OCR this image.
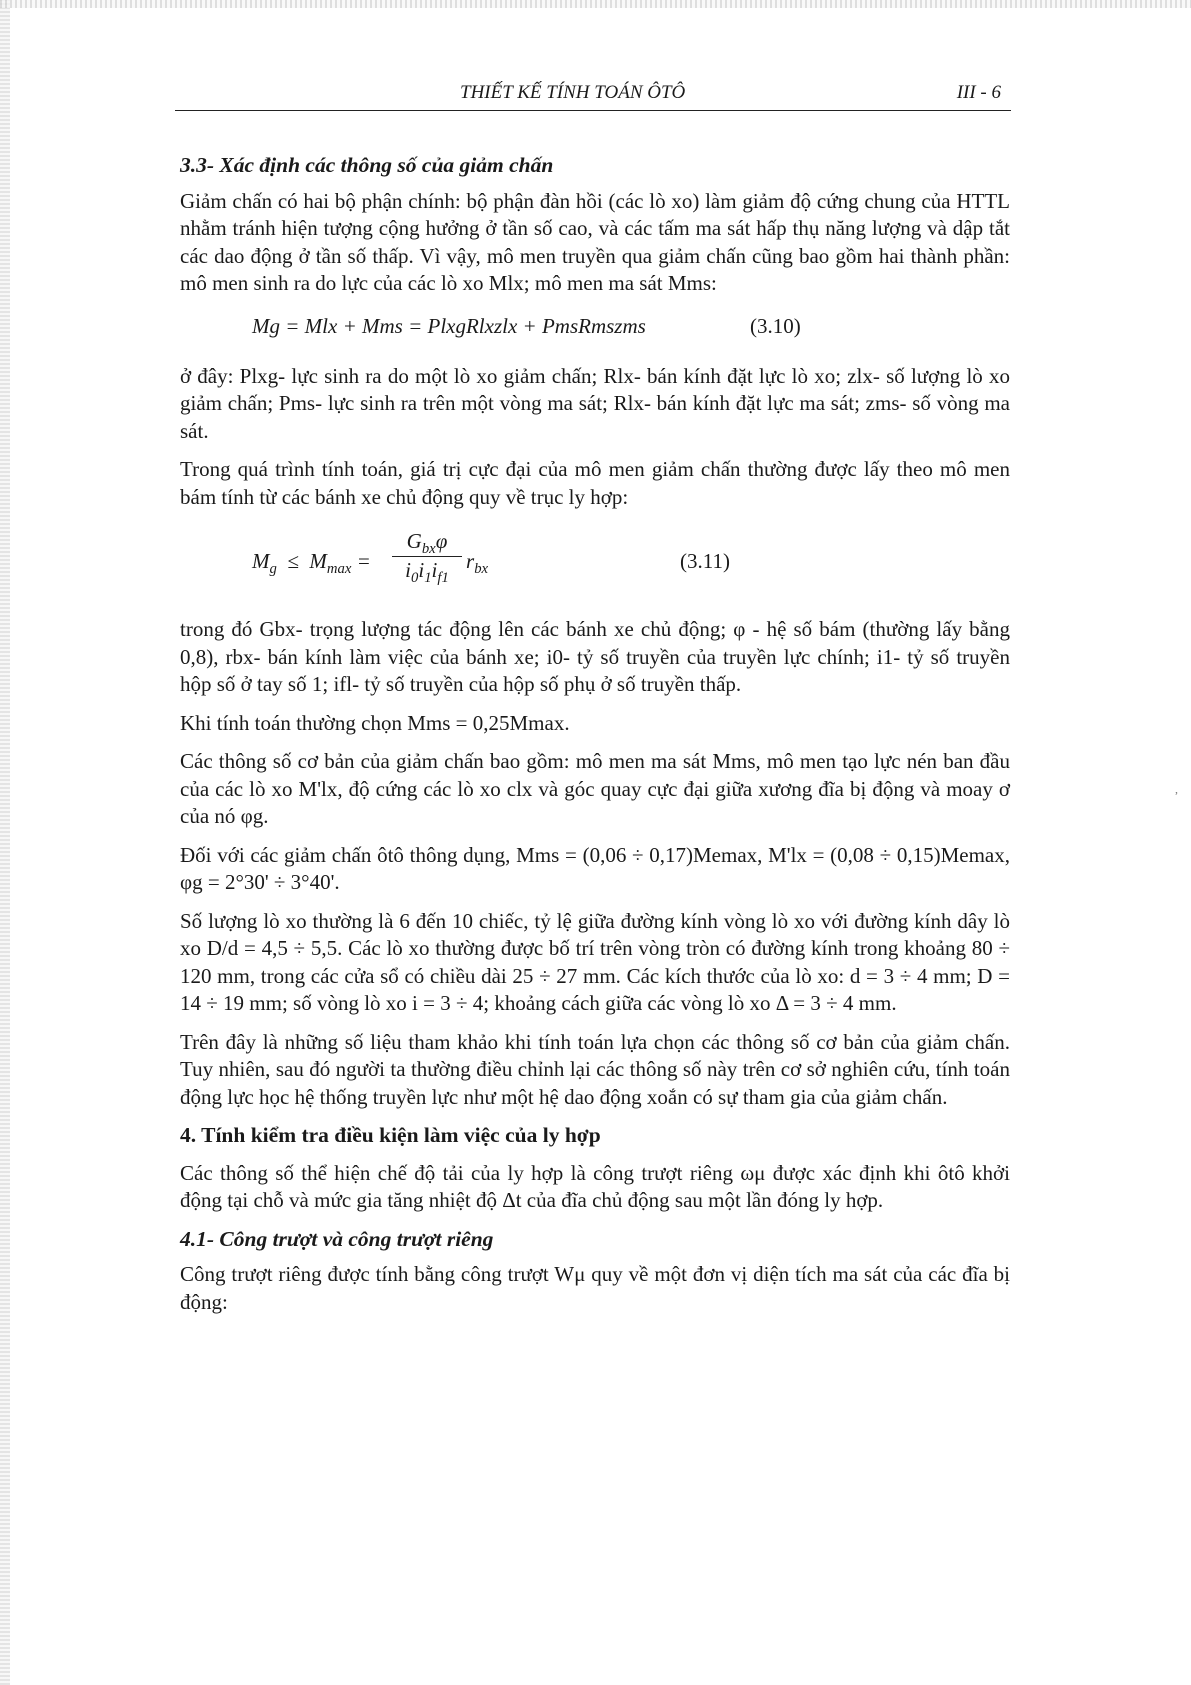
THIẾT KẾ TÍNH TOÁN ÔTÔ	III - 6
3.3- Xác định các thông số của giảm chấn

Giảm chấn có hai bộ phận chính: bộ phận đàn hồi (các lò xo) làm giảm độ cứng chung của HTTL nhằm tránh hiện tượng cộng hưởng ở tần số cao, và các tấm ma sát hấp thụ năng lượng và dập tắt các dao động ở tần số thấp. Vì vậy, mô men truyền qua giảm chấn cũng bao gồm hai thành phần: mô men sinh ra do lực của các lò xo Mlx; mô men ma sát Mms:

Mg = Mlx + Mms = PlxgRlxzlx + PmsRmszms	(3.10)

ở đây: Plxg- lực sinh ra do một lò xo giảm chấn; Rlx- bán kính đặt lực lò xo; zlx- số lượng lò xo giảm chấn; Pms- lực sinh ra trên một vòng ma sát; Rlx- bán kính đặt lực ma sát; zms- số vòng ma sát.

Trong quá trình tính toán, giá trị cực đại của mô men giảm chấn thường được lấy theo mô men bám tính từ các bánh xe chủ động quy về trục ly hợp:

$M_g \le M_{max}$ =
$G_{bx}\varphi$
$i_0i_1i_{f1}$
$r_{bx}$	(3.11)

trong đó Gbx- trọng lượng tác động lên các bánh xe chủ động; φ - hệ số bám (thường lấy bằng 0,8), rbx- bán kính làm việc của bánh xe; i0- tỷ số truyền của truyền lực chính; i1- tỷ số truyền hộp số ở tay số 1; ifl- tỷ số truyền của hộp số phụ ở số truyền thấp.

Khi tính toán thường chọn Mms = 0,25Mmax.

Các thông số cơ bản của giảm chấn bao gồm: mô men ma sát Mms, mô men tạo lực nén ban đầu của các lò xo M'lx, độ cứng các lò xo clx và góc quay cực đại giữa xương đĩa bị động và moay ơ của nó φg.

Đối với các giảm chấn ôtô thông dụng, Mms = (0,06 ÷ 0,17)Memax, M'lx = (0,08 ÷ 0,15)Memax, φg = 2°30' ÷ 3°40'.

Số lượng lò xo thường là 6 đến 10 chiếc, tỷ lệ giữa đường kính vòng lò xo với đường kính dây lò xo D/d = 4,5 ÷ 5,5. Các lò xo thường được bố trí trên vòng tròn có đường kính trong khoảng 80 ÷ 120 mm, trong các cửa sổ có chiều dài 25 ÷ 27 mm. Các kích thước của lò xo: d = 3 ÷ 4 mm; D = 14 ÷ 19 mm; số vòng lò xo i = 3 ÷ 4; khoảng cách giữa các vòng lò xo Δ = 3 ÷ 4 mm.

Trên đây là những số liệu tham khảo khi tính toán lựa chọn các thông số cơ bản của giảm chấn. Tuy nhiên, sau đó người ta thường điều chỉnh lại các thông số này trên cơ sở nghiên cứu, tính toán động lực học hệ thống truyền lực như một hệ dao động xoắn có sự tham gia của giảm chấn.

4. Tính kiểm tra điều kiện làm việc của ly hợp

Các thông số thể hiện chế độ tải của ly hợp là công trượt riêng ωμ được xác định khi ôtô khởi động tại chỗ và mức gia tăng nhiệt độ Δt của đĩa chủ động sau một lần đóng ly hợp.

4.1- Công trượt và công trượt riêng

Công trượt riêng được tính bằng công trượt Wμ quy về một đơn vị diện tích ma sát của các đĩa bị động:

,
